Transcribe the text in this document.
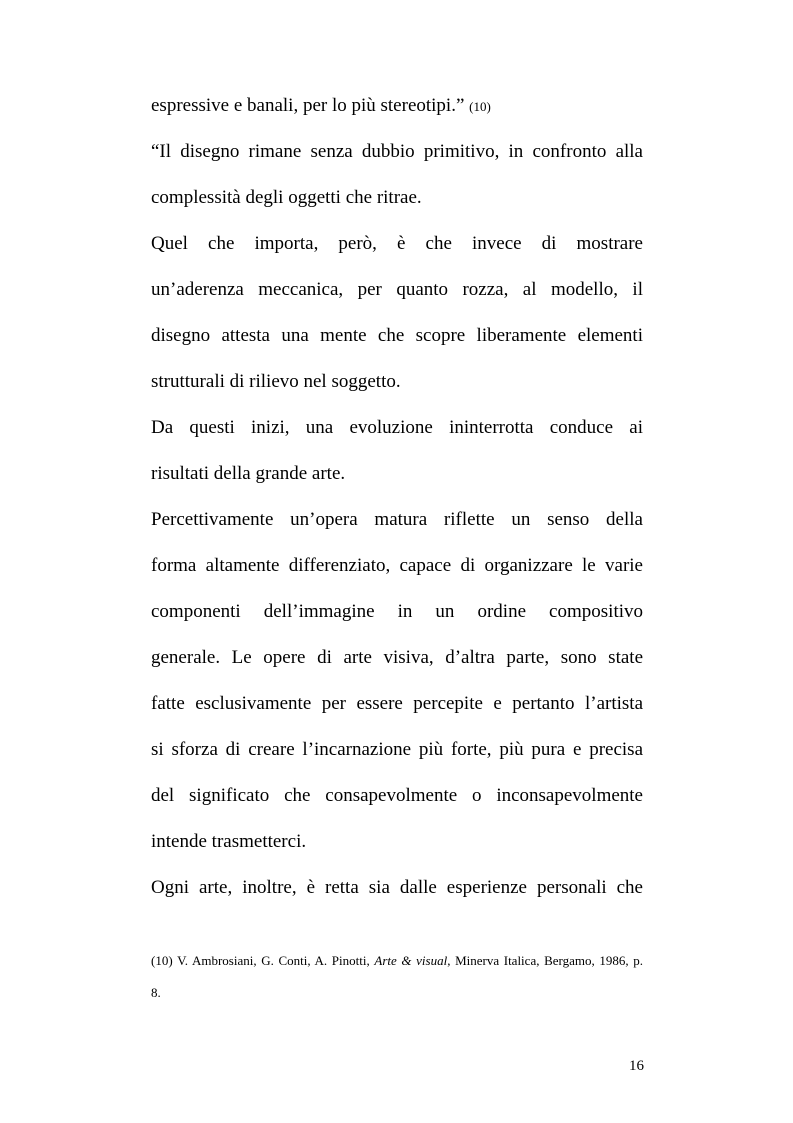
espressive e banali, per lo più stereotipi.” (10)
“Il disegno rimane senza dubbio primitivo, in confronto alla
complessità degli oggetti che ritrae.
Quel che importa, però, è che invece di mostrare
un’aderenza meccanica, per quanto rozza, al modello, il
disegno attesta una mente che scopre liberamente elementi
strutturali di rilievo nel soggetto.
Da questi inizi, una evoluzione ininterrotta conduce ai
risultati della grande arte.
Percettivamente un’opera matura riflette un senso della
forma altamente differenziato, capace di organizzare le varie
componenti dell’immagine in un ordine compositivo
generale. Le opere di arte visiva, d’altra parte, sono state
fatte esclusivamente per essere percepite e pertanto l’artista
si sforza di creare l’incarnazione più forte, più pura e precisa
del significato che consapevolmente o inconsapevolmente
intende trasmetterci.
Ogni arte, inoltre, è retta sia dalle esperienze personali che
(10) V. Ambrosiani, G. Conti, A. Pinotti, Arte & visual, Minerva Italica, Bergamo, 1986, p.
8.
16
